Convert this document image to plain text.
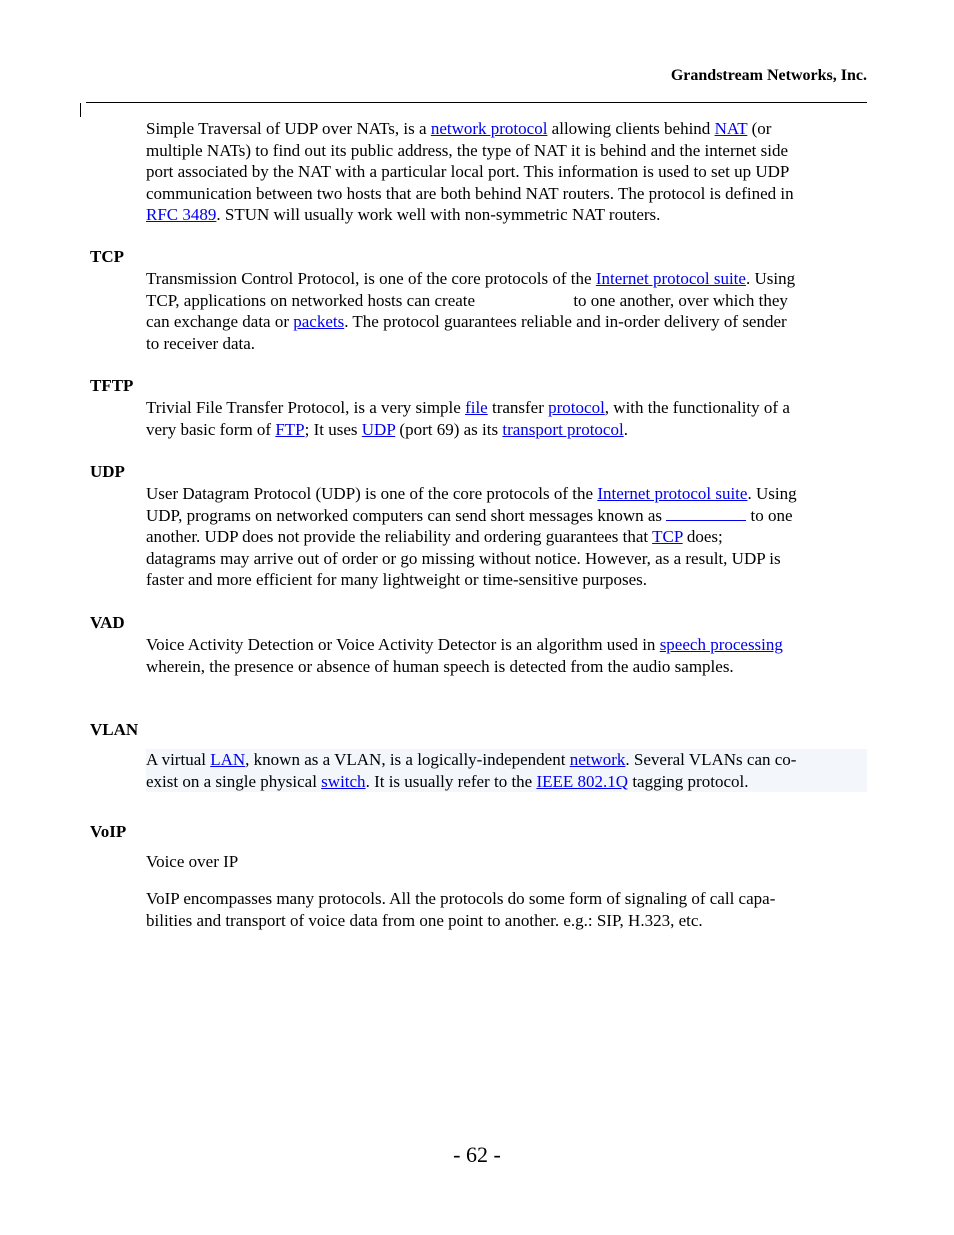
Grandstream Networks, Inc.
Simple Traversal of UDP over NATs, is a network protocol allowing clients behind NAT (or
multiple NATs) to find out its public address, the type of NAT it is behind and the internet side
port associated by the NAT with a particular local port. This information is used to set up UDP
communication between two hosts that are both behind NAT routers. The protocol is defined in
RFC 3489. STUN will usually work well with non-symmetric NAT routers.
TCP
Transmission Control Protocol, is one of the core protocols of the Internet protocol suite. Using
TCP, applications on networked hosts can create	to one another, over which they
can exchange data or packets. The protocol guarantees reliable and in-order delivery of sender
to receiver data.
TFTP
Trivial File Transfer Protocol, is a very simple file transfer protocol, with the functionality of a
very basic form of FTP; It uses UDP (port 69) as its transport protocol.
UDP
User Datagram Protocol (UDP) is one of the core protocols of the Internet protocol suite. Using
UDP, programs on networked computers can send short messages known as	to one
another. UDP does not provide the reliability and ordering guarantees that TCP does;
datagrams may arrive out of order or go missing without notice. However, as a result, UDP is
faster and more efficient for many lightweight or time-sensitive purposes.
VAD
Voice Activity Detection or Voice Activity Detector is an algorithm used in speech processing
wherein, the presence or absence of human speech is detected from the audio samples.
VLAN
A virtual LAN, known as a VLAN, is a logically-independent network. Several VLANs can co-
exist on a single physical switch. It is usually refer to the IEEE 802.1Q tagging protocol.
VoIP
Voice over IP
VoIP encompasses many protocols. All the protocols do some form of signaling of call capa-
bilities and transport of voice data from one point to another. e.g.: SIP, H.323, etc.
- 62 -
